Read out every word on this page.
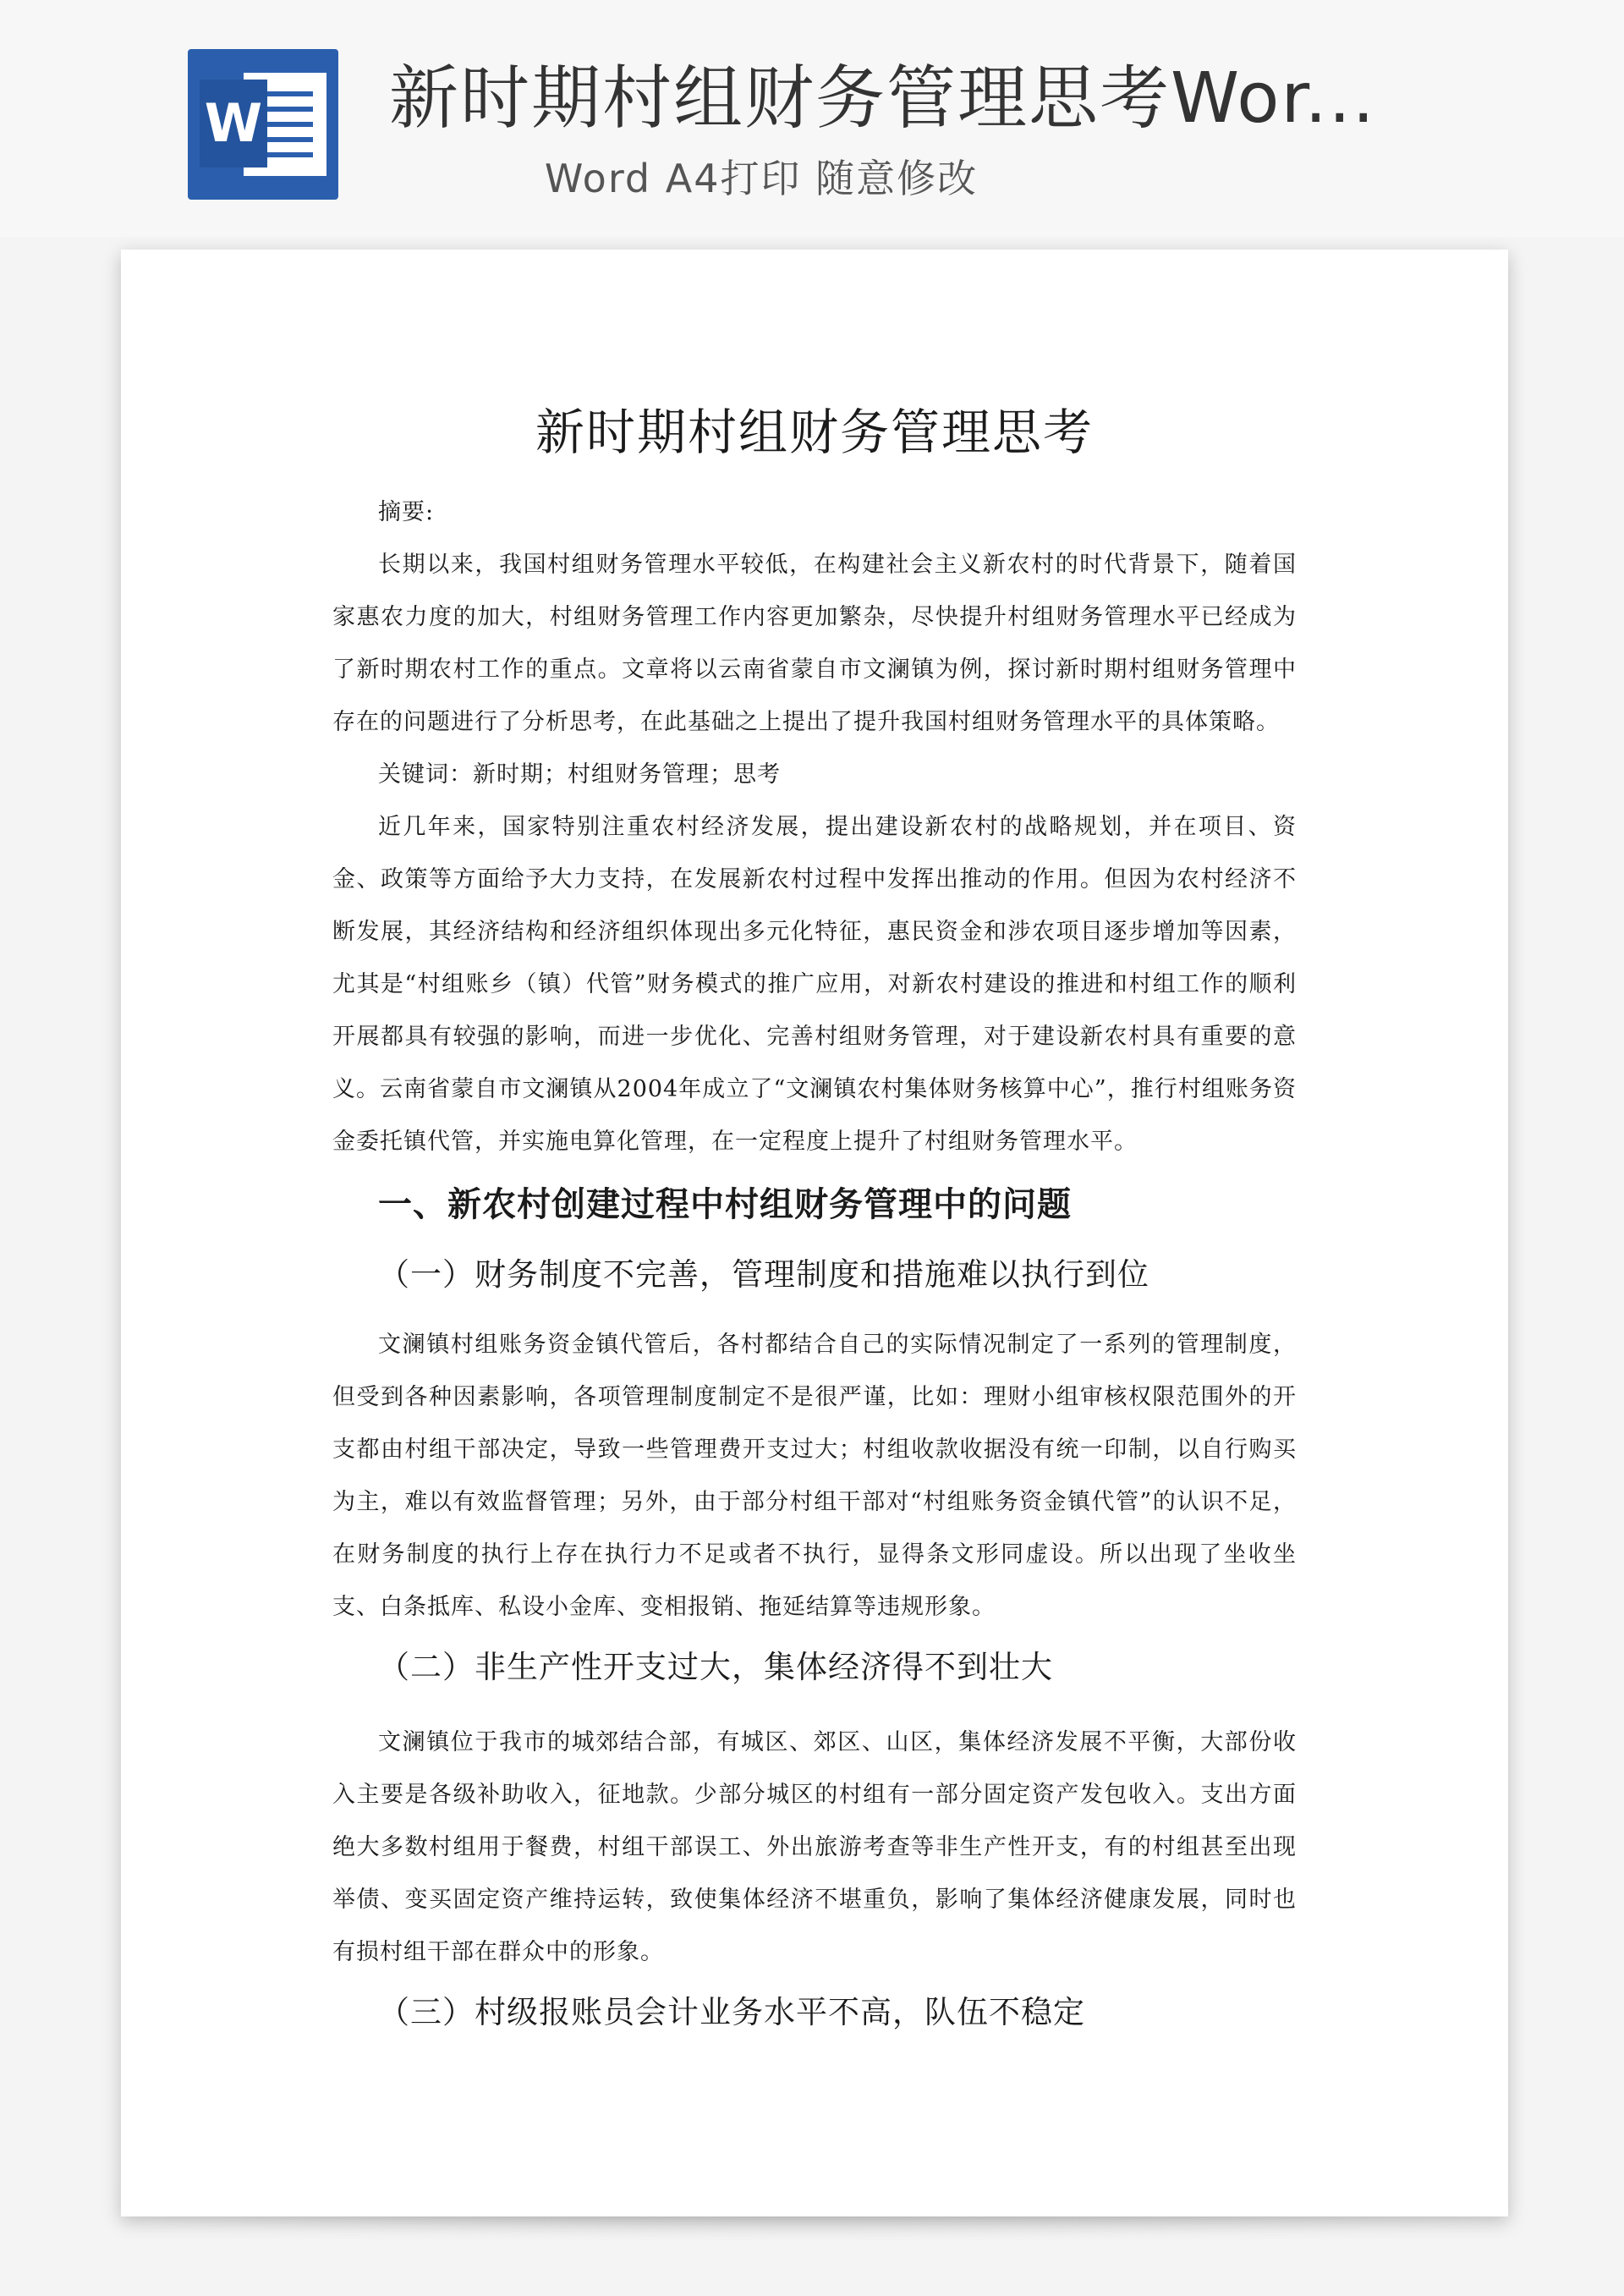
W 新时期村组财务管理思考Wor...
Word A4打印 随意修改
新时期村组财务管理思考

摘要:

长期以来，我国村组财务管理水平较低，在构建社会主义新农村的时代背景下，随着国家惠农力度的加大，村组财务管理工作内容更加繁杂，尽快提升村组财务管理水平已经成为了新时期农村工作的重点。文章将以云南省蒙自市文澜镇为例，探讨新时期村组财务管理中存在的问题进行了分析思考，在此基础之上提出了提升我国村组财务管理水平的具体策略。

关键词：新时期；村组财务管理；思考

近几年来，国家特别注重农村经济发展，提出建设新农村的战略规划，并在项目、资金、政策等方面给予大力支持，在发展新农村过程中发挥出推动的作用。但因为农村经济不断发展，其经济结构和经济组织体现出多元化特征，惠民资金和涉农项目逐步增加等因素，尤其是“村组账乡（镇）代管”财务模式的推广应用，对新农村建设的推进和村组工作的顺利开展都具有较强的影响，而进一步优化、完善村组财务管理，对于建设新农村具有重要的意义。云南省蒙自市文澜镇从2004年成立了“文澜镇农村集体财务核算中心”，推行村组账务资金委托镇代管，并实施电算化管理，在一定程度上提升了村组财务管理水平。

一、新农村创建过程中村组财务管理中的问题
（一）财务制度不完善，管理制度和措施难以执行到位

文澜镇村组账务资金镇代管后，各村都结合自己的实际情况制定了一系列的管理制度，但受到各种因素影响，各项管理制度制定不是很严谨，比如：理财小组审核权限范围外的开支都由村组干部决定，导致一些管理费开支过大；村组收款收据没有统一印制，以自行购买为主，难以有效监督管理；另外，由于部分村组干部对“村组账务资金镇代管”的认识不足，在财务制度的执行上存在执行力不足或者不执行，显得条文形同虚设。所以出现了坐收坐支、白条抵库、私设小金库、变相报销、拖延结算等违规形象。

（二）非生产性开支过大，集体经济得不到壮大

文澜镇位于我市的城郊结合部，有城区、郊区、山区，集体经济发展不平衡，大部份收入主要是各级补助收入，征地款。少部分城区的村组有一部分固定资产发包收入。支出方面绝大多数村组用于餐费，村组干部误工、外出旅游考查等非生产性开支，有的村组甚至出现举债、变买固定资产维持运转，致使集体经济不堪重负，影响了集体经济健康发展，同时也有损村组干部在群众中的形象。

（三）村级报账员会计业务水平不高，队伍不稳定
